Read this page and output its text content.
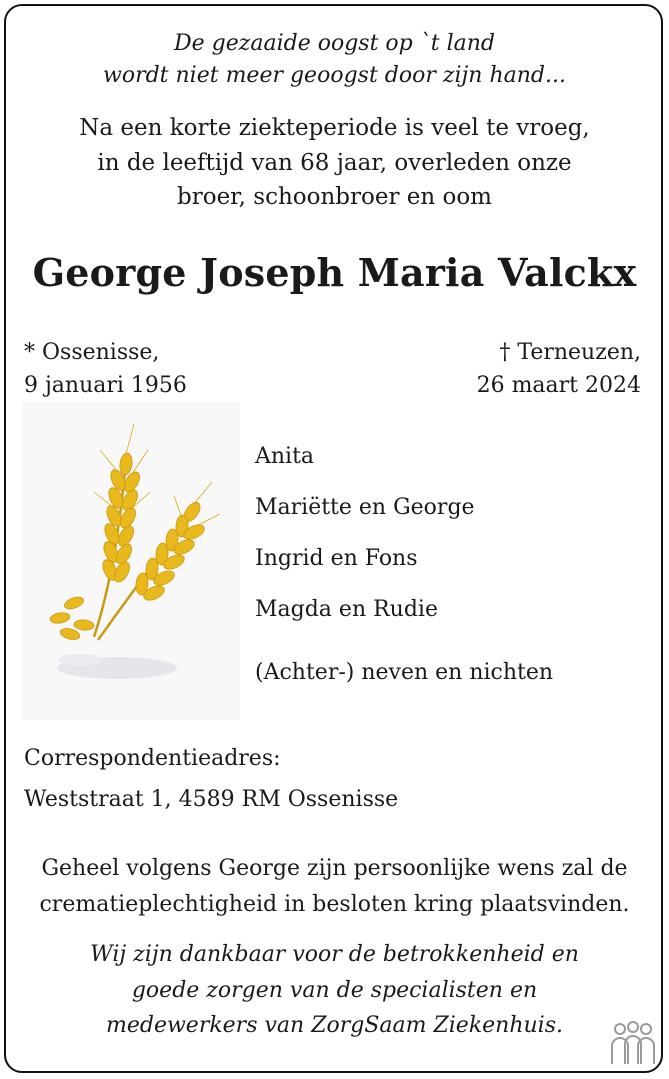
De gezaaide oogst op `t land
wordt niet meer geoogst door zijn hand...
Na een korte ziekteperiode is veel te vroeg,
in de leeftijd van 68 jaar, overleden onze
broer, schoonbroer en oom
George Joseph Maria Valckx
* Ossenisse,
9 januari 1956
† Terneuzen,
26 maart 2024
Anita
Mariëtte en George
Ingrid en Fons
Magda en Rudie
(Achter-) neven en nichten
Correspondentieadres:
Weststraat 1, 4589 RM Ossenisse
Geheel volgens George zijn persoonlijke wens zal de
crematieplechtigheid in besloten kring plaatsvinden.
Wij zijn dankbaar voor de betrokkenheid en
goede zorgen van de specialisten en
medewerkers van ZorgSaam Ziekenhuis.
